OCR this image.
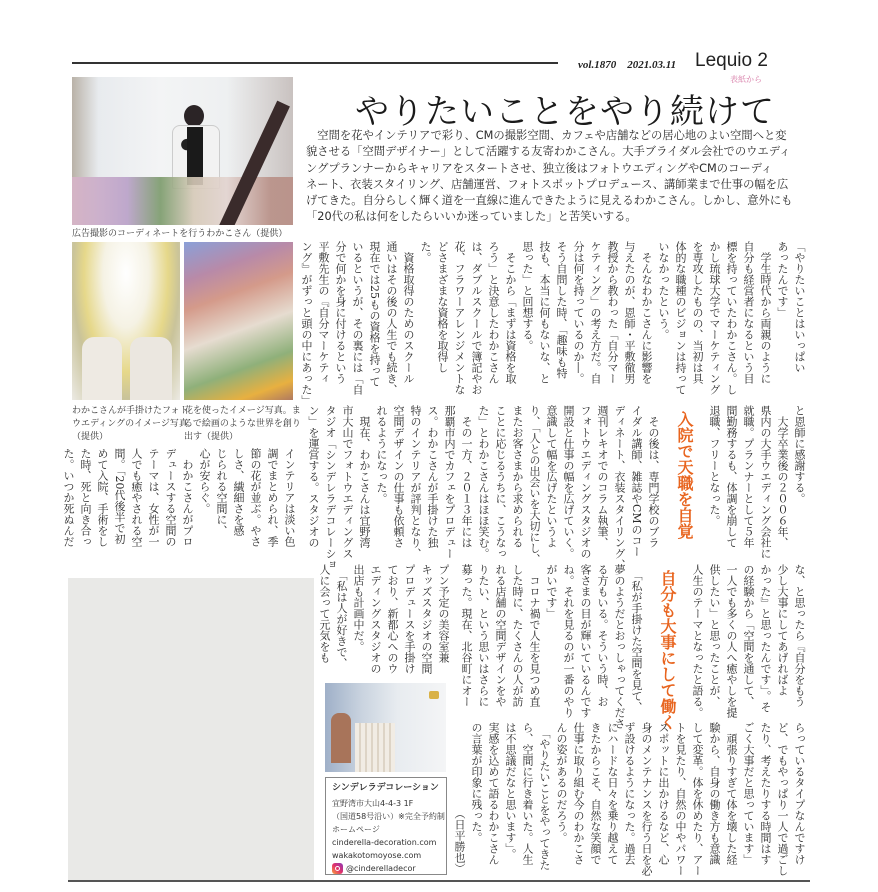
vol.1870　2021.03.11 Lequio 2
表紙から
やりたいことをやり続けて
　空間を花やインテリアで彩り、CMの撮影空間、カフェや店舗などの居心地のよい空間へと変
貌させる「空間デザイナー」として活躍する友寄わかこさん。大手ブライダル会社でのウエディ
ングプランナーからキャリアをスタートさせ、独立後はフォトウエディングやCMのコーディ
ネート、衣装スタイリング、店舗運営、フォトスポットプロデュース、講師業まで仕事の幅を広
げてきた。自分らしく輝く道を一直線に進んできたように見えるわかこさん。しかし、意外にも
「20代の私は何をしたらいいか迷っていました」と苦笑いする。
広告撮影のコーディネートを行うわかこさん（提供）
わかこさんが手掛けたフォト
ウエディングのイメージ写真
（提供）
花を使ったイメージ写真。ま
るで絵画のような世界を創り
出す（提供）
「やりたいことはいっぱい
あったんです」
　学生時代から両親のように
自分も経営者になるという目
標を持っていたわかこさん。し
かし琉球大学でマーケティング
を専攻したものの、当初は具
体的な職種のビジョンは持って
いなかったという。
　そんなわかこさんに影響を
与えたのが、恩師・平敷徹男
教授から教わった「自分マー
ケティング」の考え方だ。自
分は何を持っているのか―。
そう自問した時、「趣味も特
技も、本当に何もないな、と
思った」と回想する。
　そこから「まずは資格を取
ろう」と決意したわかこさん
は、ダブルスクールで簿記やお
花、フラワーアレンジメントな
どさまざまな資格を取得し
た。
　資格取得のためのスクール
通いはその後の人生でも続き、
現在では25もの資格を持って
いるというが、その裏には「自
分で何かを身に付けるという
平敷先生の『自分マーケティ
ング』がずっと頭の中にあった」
と恩師に感謝する。
　大学卒業後の２００６年、
県内の大手ウエディング会社に
就職。プランナーとして５年
間勤務するも、体調を崩して
退職、フリーとなった。
入院で天職を自覚
　その後は、専門学校のブラ
イダル講師、雑誌やCMのコー
ディネート、衣装スタイリング、
週刊レキオでのコラム執筆、
フォトウエディングスタジオの
開設と仕事の幅を広げていく。
意識して幅を広げたというよ
り、「人との出会いを大切にし、
またお客さまから求められる
ことに応じるうちに、こうなっ
た」とわかこさんはほほ笑む。
　その一方、２０１３年には
那覇市内でカフェをプロデュー
ス。わかこさんが手掛けた独
特のインテリアが評判となり、
空間デザインの仕事も依頼さ
れるようになった。
　現在、わかこさんは宜野湾
市大山でフォトウエディングス
タジオ「シンデレラデコレーショ
ン」を運営する。スタジオの
インテリアは淡い色
調でまとめられ、季
節の花が並ぶ。やさ
しさ、繊細さを感
じられる空間に、
心が安らぐ。
　わかこさんがプロ
デュースする空間の
テーマは、女性が一
人でも癒やされる空
間。「20代後半で初
めて入院、手術をし
た時、死と向き合っ
た。いつか死ぬんだ
な、と思ったら『自分をもう
少し大事にしてあげればよ
かった』と思ったんです」。そ
の経験から「空間を通して、
一人でも多くの人へ癒やしを提
供したい」と思ったことが、
人生のテーマとなったと語る。
自分も大事にして働く
　「私が手掛けた空間を見て、
夢のようだとおっしゃってくださ
る方もいる。そういう時、お
客さまの目が輝いているんです
ね。それを見るのが一番のやり
がいです」
　コロナ禍で人生を見つめ直
した時に、たくさんの人が訪
れる店舗の空間デザインをや
りたい、という思いはさらに
募った。現在、北谷町にオー
プン予定の美容室兼
キッズスタジオの空間
プロデュースを手掛け
ており、新都心へのウ
エディングスタジオの
出店も計画中だ。
　「私は人が好きで、
人に会って元気をも
らっているタイプなんですけ
ど、でもやっぱり一人で過ごし
たり、考えたりする時間はす
ごく大事だと思っています」
　頑張りすぎて体を壊した経
験から、自身の働き方も意識
して変革。体を休めたり、アー
トを見たり、自然の中やパワー
スポットに出かけるなど、心
身のメンテナンスを行う日を必
ず設けるようになった。過去
にハードな日々を乗り越えて
きたからこそ、自然な笑顔で
仕事に取り組む今のわかこさ
んの姿があるのだろう。
　「やりたいことをやってきた
ら、空間に行き着いた。人生
は不思議だなと思います」。
実感を込めて語るわかこさん
の言葉が印象に残った。
（日平勝也）
シンデレラデコレーション
宜野湾市大山4-4-3 1F
（国道58号沿い）※完全予約制
ホームページ
cinderella-decoration.com
wakakotomoyose.com
@cinderelladecor
